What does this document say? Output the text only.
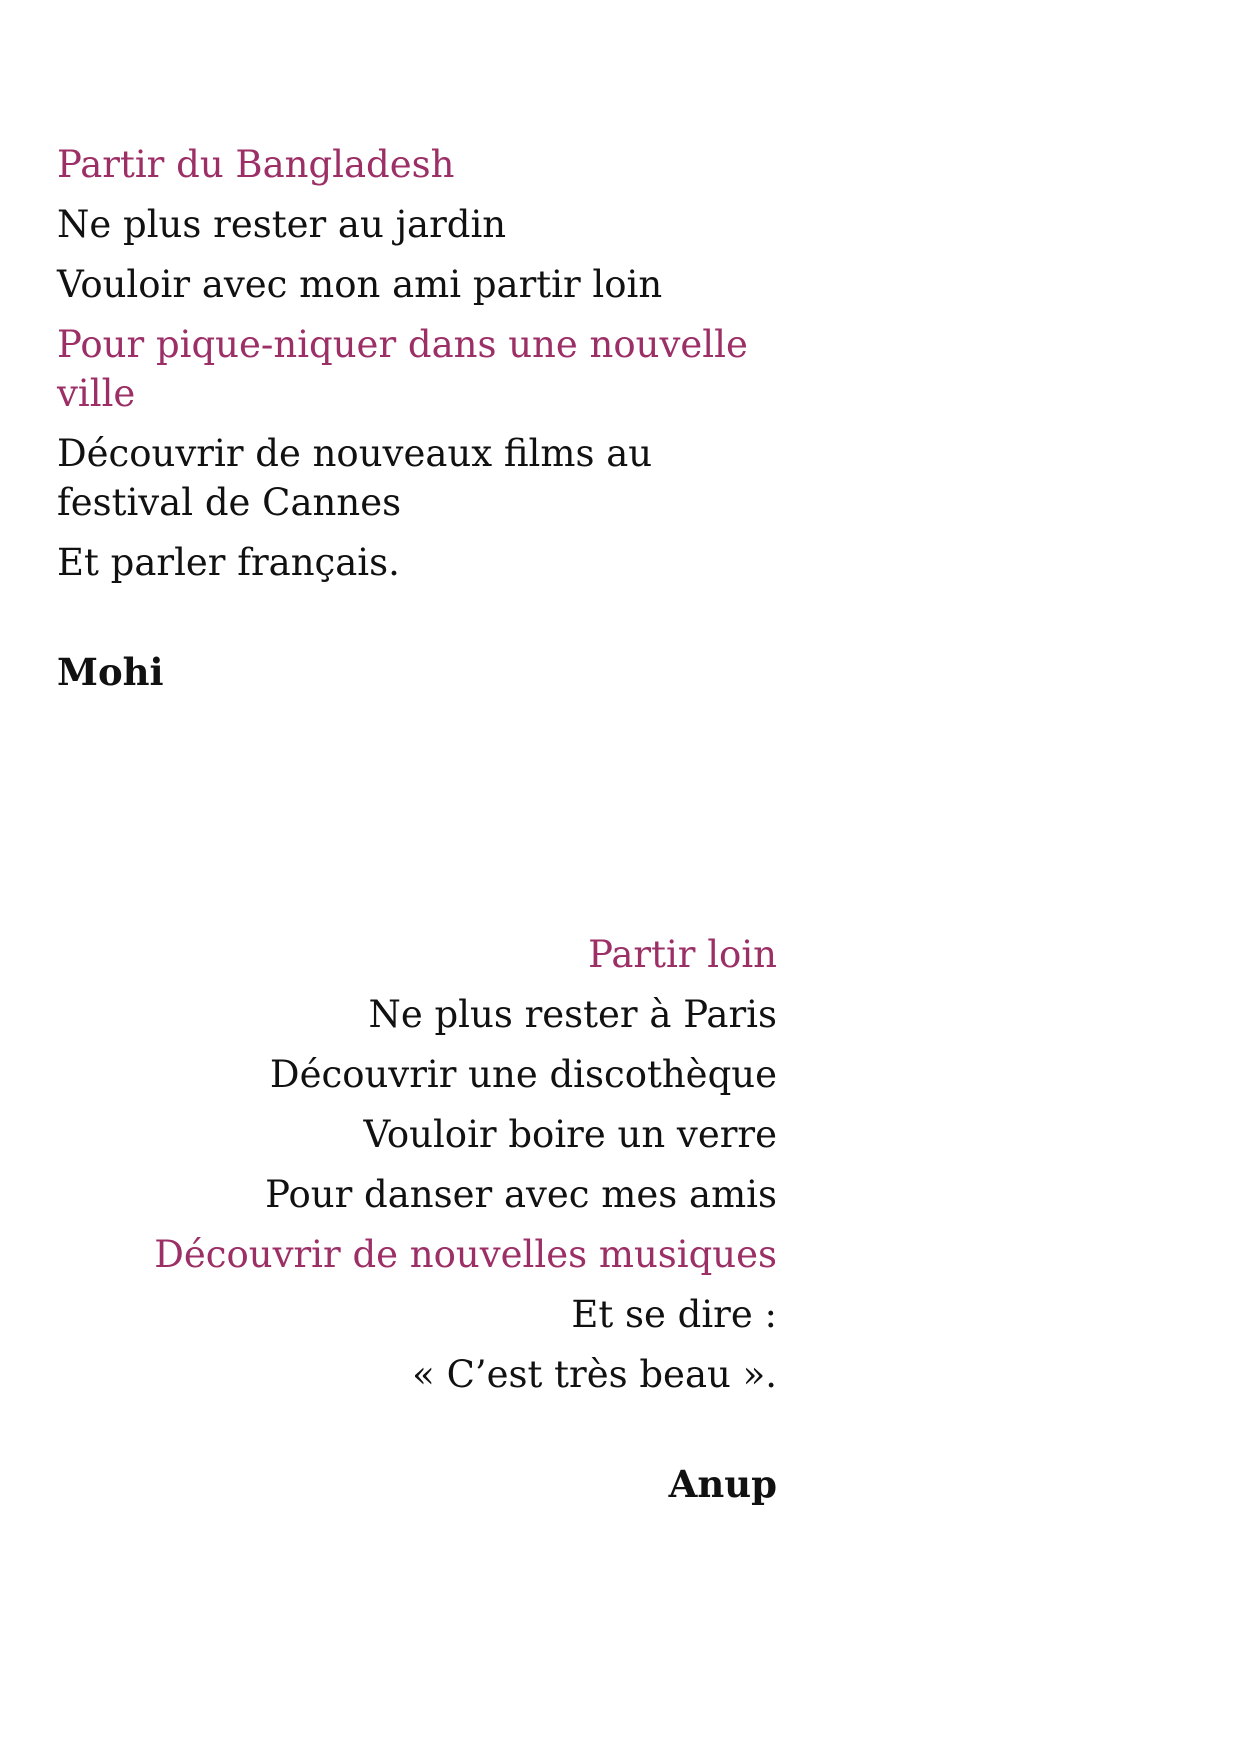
Partir du Bangladesh
Ne plus rester au jardin
Vouloir avec mon ami partir loin
Pour pique-niquer dans une nouvelle ville
Découvrir de nouveaux films au festival de Cannes
Et parler français.
Mohi
Partir loin
Ne plus rester à Paris
Découvrir une discothèque
Vouloir boire un verre
Pour danser avec mes amis
Découvrir de nouvelles musiques
Et se dire :
« C’est très beau ».
Anup
